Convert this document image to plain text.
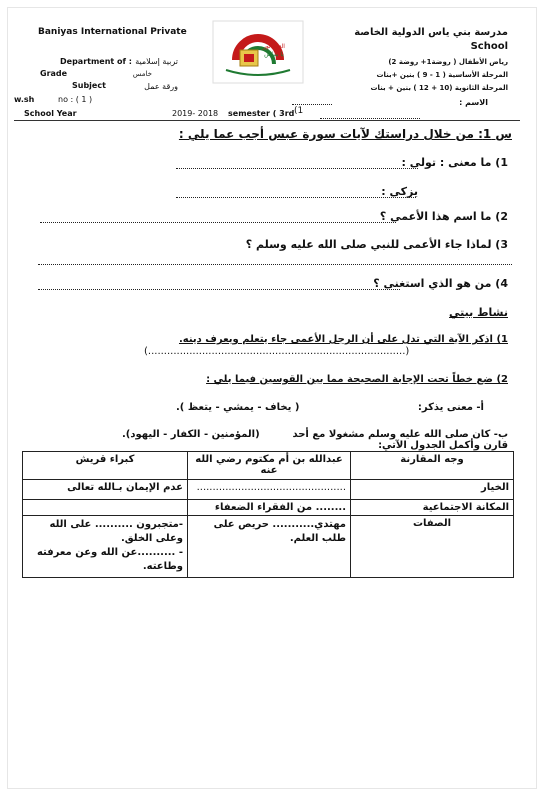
Baniyas International Private
Department of : تربية إسلامية
Grade	خامس
Subject	ورقة عمل
w.sh	no : ( 1 )
School Year	2019- 2018 semester ( 3rd (1
العلم نور
يا بنياس
مدرسة بني ياس الدولية الخاصة
School
رياض الأطفال ( روضة1+ روضة 2)
المرحلة الأساسية ( 1 - 9 ) بنين +بنات
المرحلة الثانوية (10 + 12 ) بنين + بنات
الاسم :
س 1: من خلال دراستك لآيات سورة عبس أجب عما يلي :
1) ما معنى : تولى :
يزكى :
2) ما اسم هذا الأعمى ؟
3) لماذا جاء الأعمى للنبي صلى الله عليه وسلم ؟
4) من هو الذي استغنى ؟
نشاط بيتي
1) اذكر الآية التي تدل على أن الرجل الأعمى جاء يتعلم ويعرف دينه.
(.................................................................................)
2) ضع خطاً تحت الإجابة الصحيحة مما بين القوسين فيما يلي :
أ- معنى يذكر:
( يخاف - يمشي - يتعظ ).
ب- كان صلى الله عليه وسلم مشغولا مع أحد
(المؤمنين - الكفار - اليهود).
قارن وأكمل الجدول الآتي:
كبراء قريش	عبدالله بن أم مكتوم رضي الله عنه	وجه المقارنة
عدم الإيمان بـالله تعالى	...............................................	الخيار
	........ من الفقراء الضعفاء	المكانة الاجتماعية
-متجبرون .......... على الله وعلى الخلق.
- ..........عن الله وعن معرفته وطاعته.	مهتدي........... حريص على طلب العلم.	الصفات
